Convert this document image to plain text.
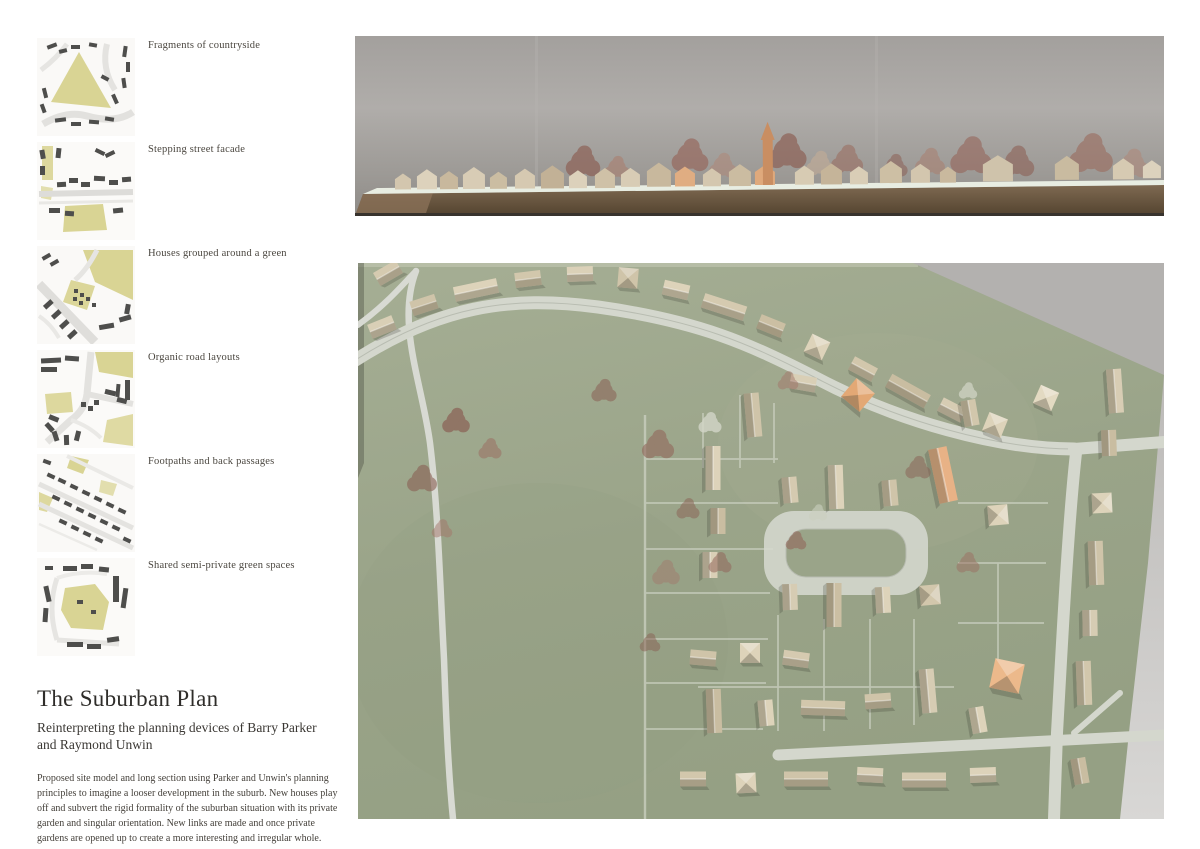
Fragments of countryside
Stepping street facade
Houses grouped around a green
Organic road layouts
Footpaths and back passages
Shared semi-private green spaces
The Suburban Plan
Reinterpreting the planning devices of Barry Parker and Raymond Unwin
Proposed site model and long section using Parker and Unwin's planning principles to imagine a looser development in the suburb. New houses play off and subvert the rigid formality of the suburban situation with its private garden and singular orientation. New links are made and once private gardens are opened up to create a more interesting and irregular whole.
